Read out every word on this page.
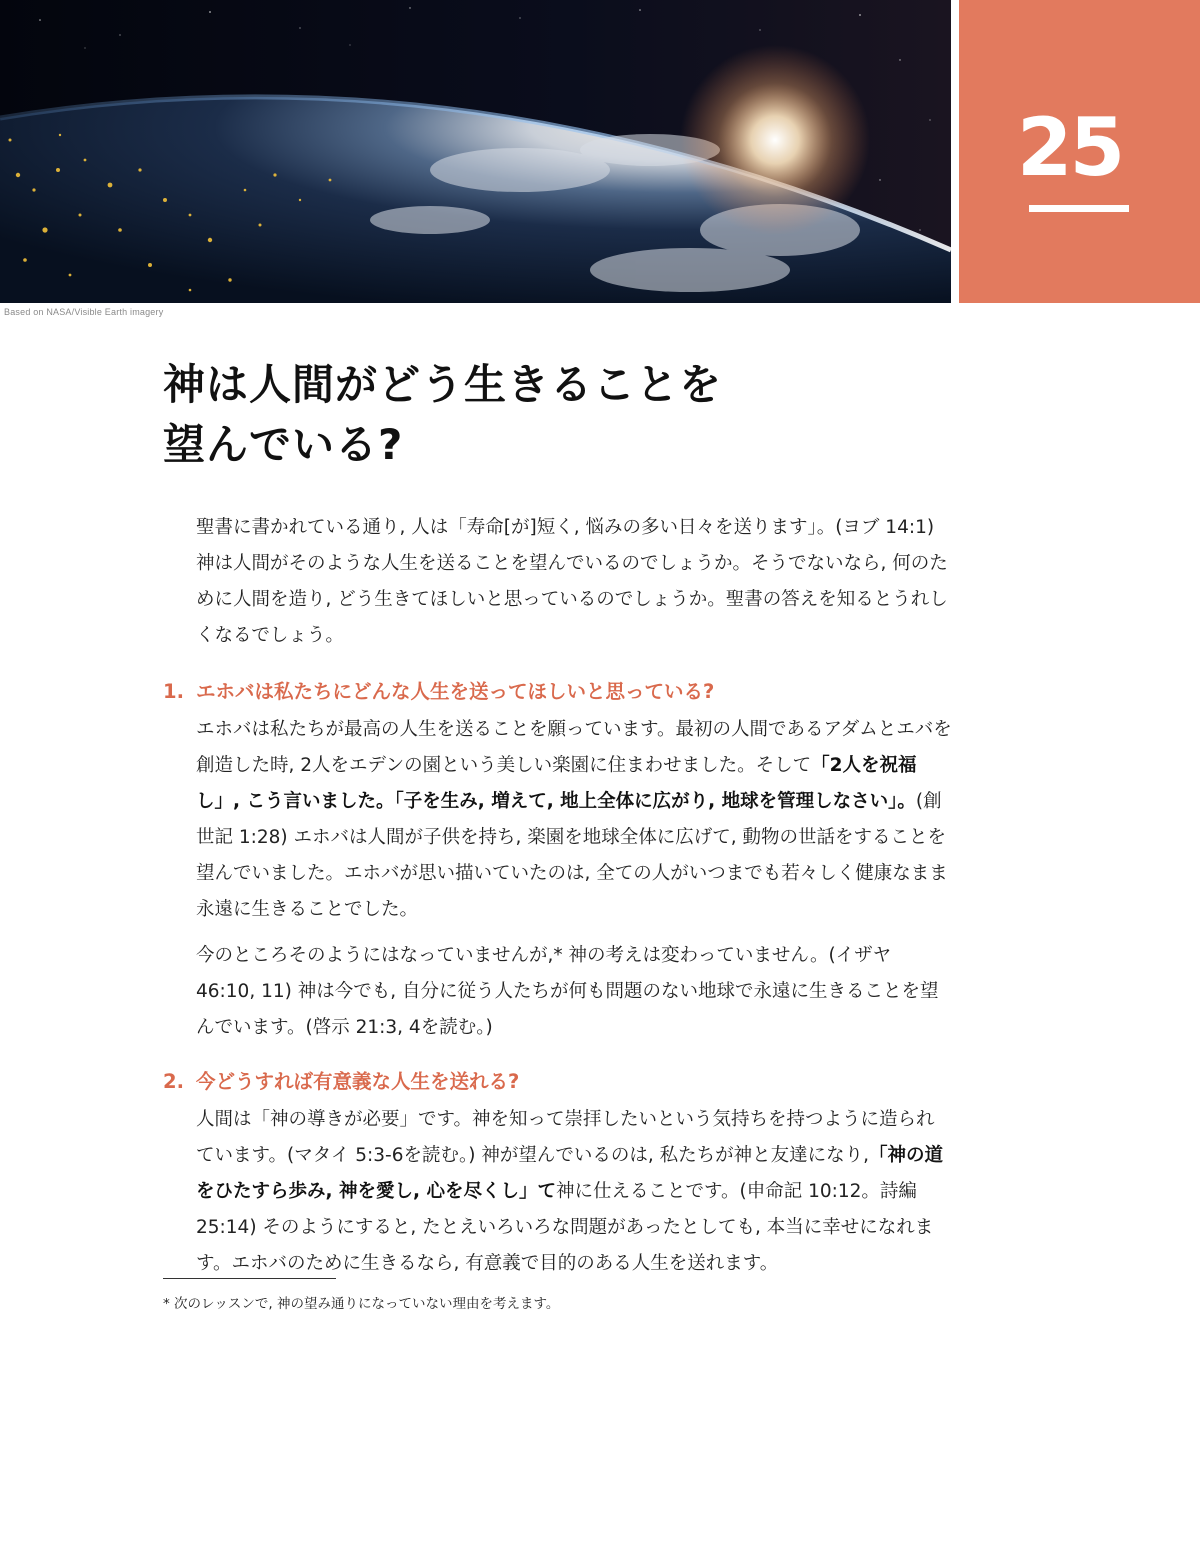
Based on NASA/Visible Earth imagery
25
神は人間がどう生きることを
望んでいる?

聖書に書かれている通り, 人は「寿命[が]短く, 悩みの多い日々を送ります」。(ヨブ 14:1) 神は人間がそのような人生を送ることを望んでいるのでしょうか。そうでないなら, 何のために人間を造り, どう生きてほしいと思っているのでしょうか。聖書の答えを知るとうれしくなるでしょう。

1. エホバは私たちにどんな人生を送ってほしいと思っている?

エホバは私たちが最高の人生を送ることを願っています。最初の人間であるアダムとエバを創造した時, 2人をエデンの園という美しい楽園に住まわせました。そして「2人を祝福し」, こう言いました。「子を生み, 増えて, 地上全体に広がり, 地球を管理しなさい」。(創世記 1:28) エホバは人間が子供を持ち, 楽園を地球全体に広げて, 動物の世話をすることを望んでいました。エホバが思い描いていたのは, 全ての人がいつまでも若々しく健康なまま永遠に生きることでした。

今のところそのようにはなっていませんが,* 神の考えは変わっていません。(イザヤ 46:10, 11) 神は今でも, 自分に従う人たちが何も問題のない地球で永遠に生きることを望んでいます。(啓示 21:3, 4を読む。)

2. 今どうすれば有意義な人生を送れる?

人間は「神の導きが必要」です。神を知って崇拝したいという気持ちを持つように造られています。(マタイ 5:3-6を読む。) 神が望んでいるのは, 私たちが神と友達になり,「神の道をひたすら歩み, 神を愛し, 心を尽くし」て神に仕えることです。(申命記 10:12。詩編 25:14) そのようにすると, たとえいろいろな問題があったとしても, 本当に幸せになれます。エホバのために生きるなら, 有意義で目的のある人生を送れます。

* 次のレッスンで, 神の望み通りになっていない理由を考えます。
